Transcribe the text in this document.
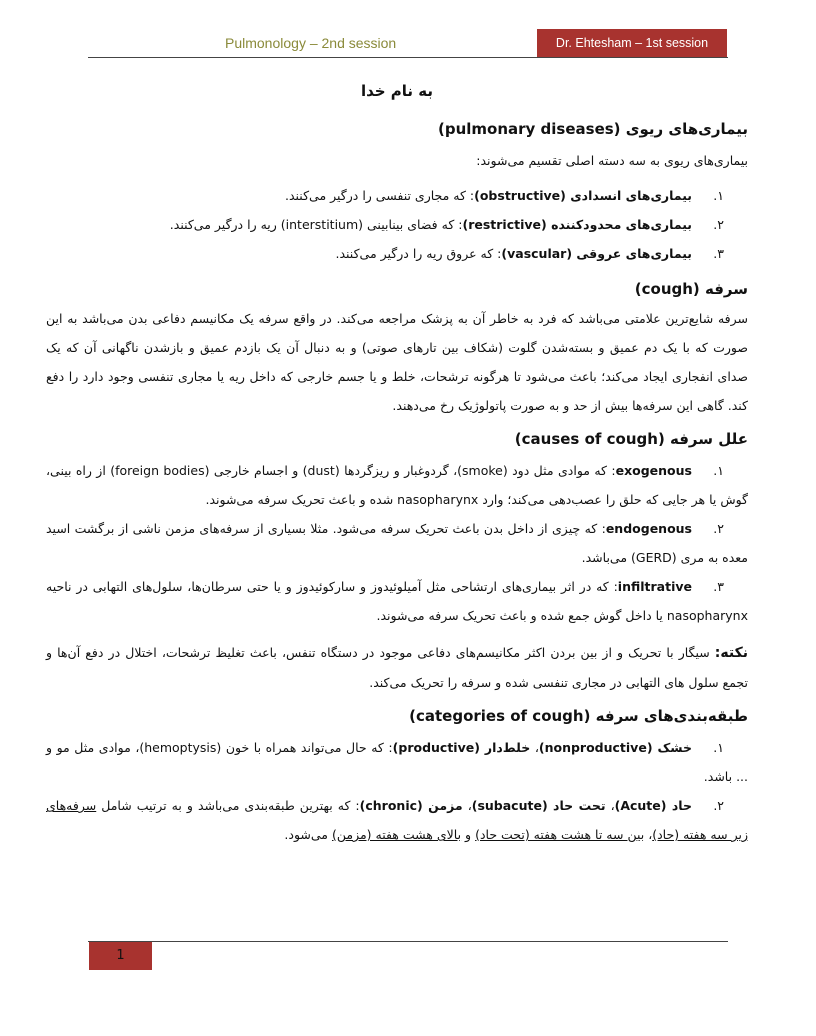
Pulmonology – 2nd session	Dr. Ehtesham – 1st session
به نام خدا
بیماری‌های ریوی (pulmonary diseases)

بیماری‌های ریوی به سه دسته اصلی تقسیم می‌شوند:

۱.بیماری‌های انسدادی (obstructive): که مجاری تنفسی را درگیر می‌کنند.
۲.بیماری‌های محدودکننده (restrictive): که فضای بینابینی (interstitium) ریه را درگیر می‌کنند.
۳.بیماری‌های عروقی (vascular): که عروق ریه را درگیر می‌کنند.
سرفه (cough)

سرفه شایع‌ترین علامتی می‌باشد که فرد به خاطر آن به پزشک مراجعه می‌کند. در واقع سرفه یک مکانیسم دفاعی بدن می‌باشد به این صورت که با یک دم عمیق و بسته‌شدن گلوت (شکاف بین تارهای صوتی) و به دنبال آن یک بازدم عمیق و بازشدن ناگهانی آن که یک صدای انفجاری ایجاد می‌کند؛ باعث می‌شود تا هرگونه ترشحات، خلط و یا جسم خارجی که داخل ریه یا مجاری تنفسی وجود دارد را دفع کند. گاهی این سرفه‌ها بیش از حد و به صورت پاتولوژیک رخ می‌دهند.

علل سرفه (causes of cough)
۱.exogenous: که موادی مثل دود (smoke)، گردوغبار و ریزگردها (dust) و اجسام خارجی (foreign bodies) از راه بینی، گوش یا هر جایی که حلق را عصب‌دهی می‌کند؛ وارد nasopharynx شده و باعث تحریک سرفه می‌شوند.
۲.endogenous: که چیزی از داخل بدن باعث تحریک سرفه می‌شود. مثلا بسیاری از سرفه‌های مزمن ناشی از برگشت اسید معده به مری (GERD) می‌باشد.
۳.infiltrative: که در اثر بیماری‌های ارتشاحی مثل آمیلوئیدوز و سارکوئیدوز و یا حتی سرطان‌ها، سلول‌های التهابی در ناحیه nasopharynx یا داخل گوش جمع شده و باعث تحریک سرفه می‌شوند.

نکته: سیگار با تحریک و از بین بردن اکثر مکانیسم‌های دفاعی موجود در دستگاه تنفس، باعث تغلیظ ترشحات، اختلال در دفع آن‌ها و تجمع سلول های التهابی در مجاری تنفسی شده و سرفه را تحریک می‌کند.

طبقه‌بندی‌های سرفه (categories of cough)
۱.خشک (nonproductive)، خلط‌دار (productive): که حال می‌تواند همراه با خون (hemoptysis)، موادی مثل مو و ... باشد.
۲.حاد (Acute)، تحت حاد (subacute)، مزمن (chronic): که بهترین طبقه‌بندی می‌باشد و به ترتیب شامل سرفه‌های زیر سه هفته (حاد)، بین سه تا هشت هفته (تحت حاد) و بالای هشت هفته (مزمن) می‌شود.
1
